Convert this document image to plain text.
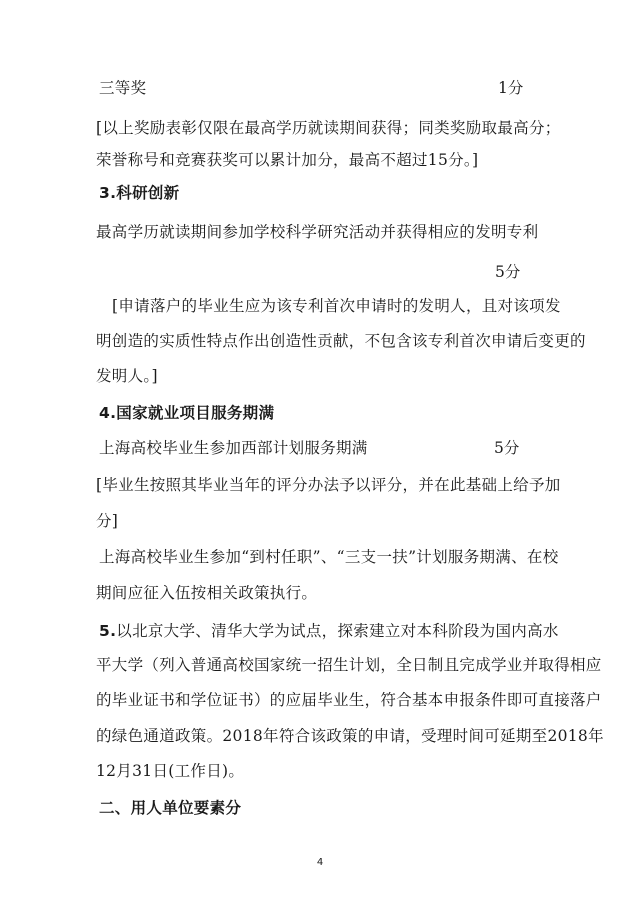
三等奖	1分
[以上奖励表彰仅限在最高学历就读期间获得；同类奖励取最高分；
荣誉称号和竞赛获奖可以累计加分，最高不超过15分。]
3.科研创新
最高学历就读期间参加学校科学研究活动并获得相应的发明专利
5分
[申请落户的毕业生应为该专利首次申请时的发明人，且对该项发
明创造的实质性特点作出创造性贡献，不包含该专利首次申请后变更的
发明人。]
4.国家就业项目服务期满
上海高校毕业生参加西部计划服务期满	5分
[毕业生按照其毕业当年的评分办法予以评分，并在此基础上给予加
分]
上海高校毕业生参加“到村任职”、“三支一扶”计划服务期满、在校
期间应征入伍按相关政策执行。
5.以北京大学、清华大学为试点，探索建立对本科阶段为国内高水
平大学（列入普通高校国家统一招生计划，全日制且完成学业并取得相应
的毕业证书和学位证书）的应届毕业生，符合基本申报条件即可直接落户
的绿色通道政策。2018年符合该政策的申请，受理时间可延期至2018年
12月31日(工作日)。
二、用人单位要素分
4
